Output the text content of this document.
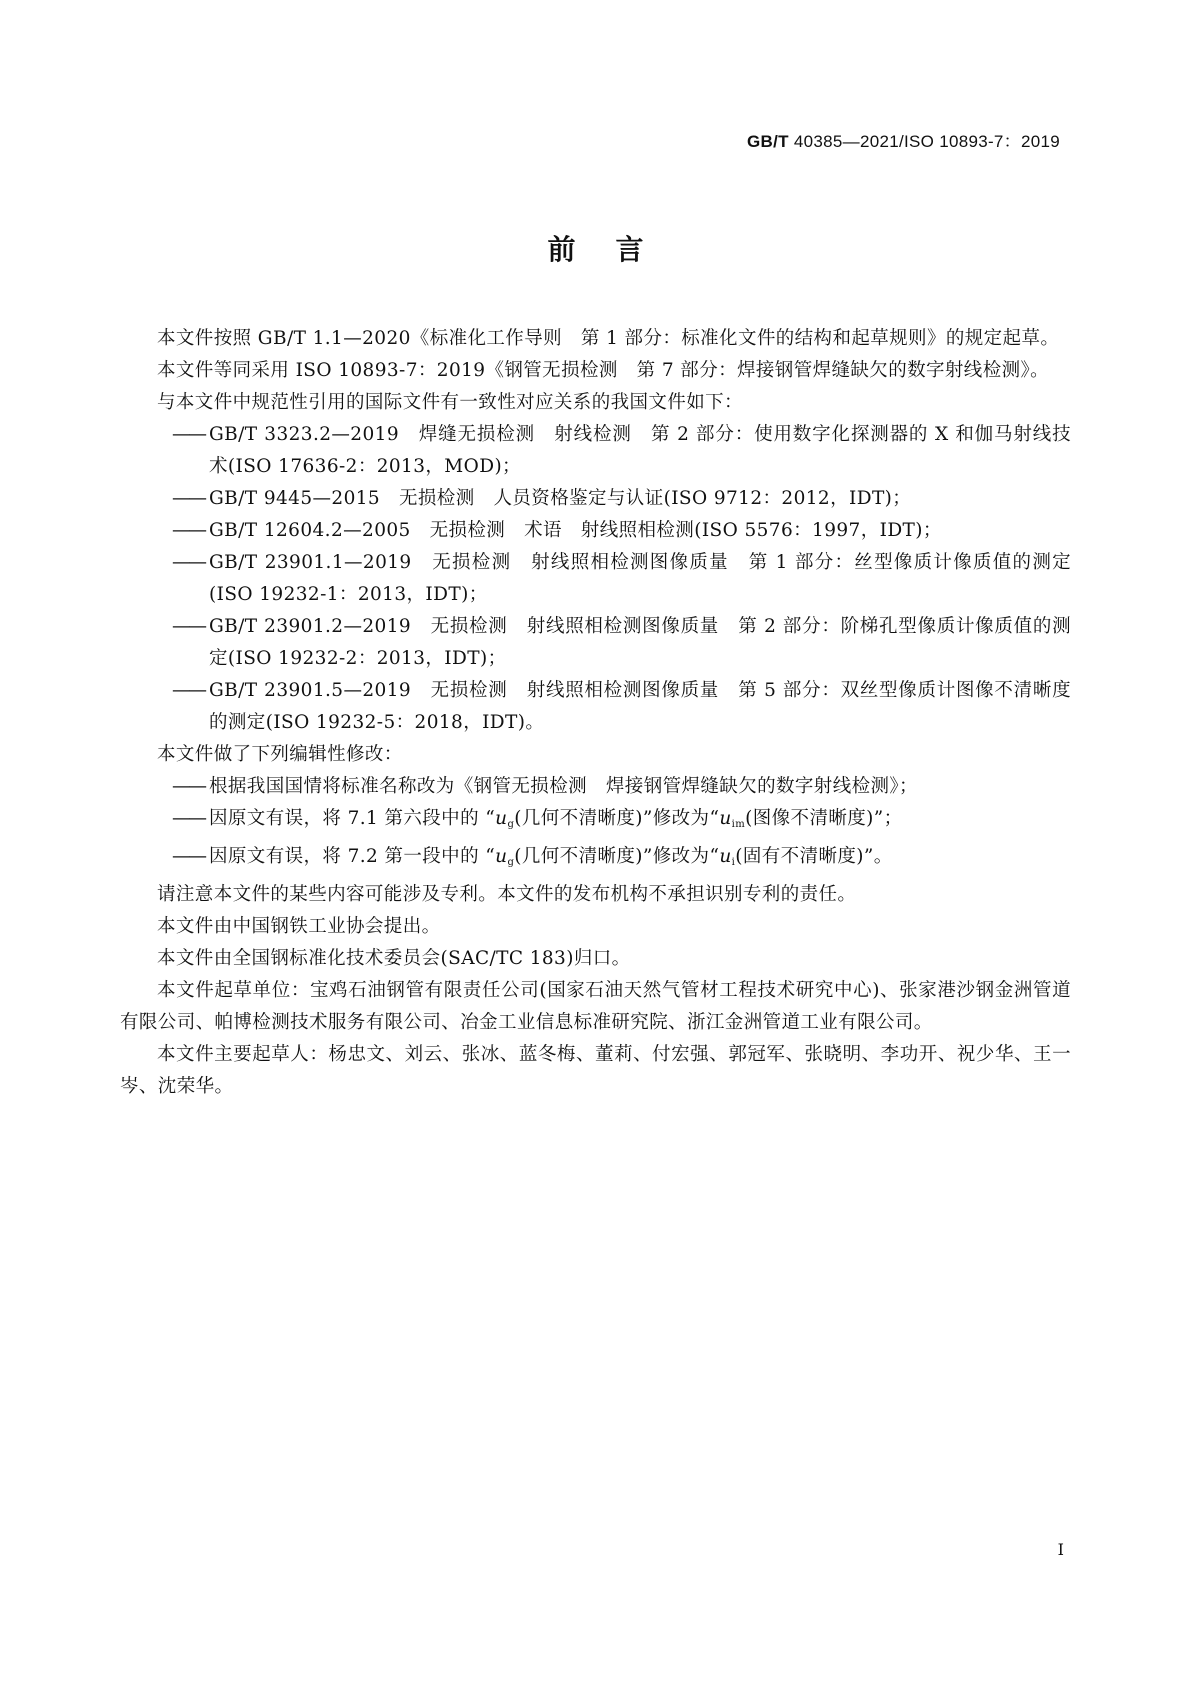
GB/T 40385—2021/ISO 10893-7：2019
前言

本文件按照 GB/T 1.1—2020《标准化工作导则　第 1 部分：标准化文件的结构和起草规则》的规定起草。

本文件等同采用 ISO 10893-7：2019《钢管无损检测　第 7 部分：焊接钢管焊缝缺欠的数字射线检测》。

与本文件中规范性引用的国际文件有一致性对应关系的我国文件如下：

—— GB/T 3323.2—2019　焊缝无损检测　射线检测　第 2 部分：使用数字化探测器的 X 和伽马射线技术(ISO 17636-2：2013，MOD)；

—— GB/T 9445—2015　无损检测　人员资格鉴定与认证(ISO 9712：2012，IDT)；

—— GB/T 12604.2—2005　无损检测　术语　射线照相检测(ISO 5576：1997，IDT)；

—— GB/T 23901.1—2019　无损检测　射线照相检测图像质量　第 1 部分：丝型像质计像质值的测定(ISO 19232-1：2013，IDT)；

—— GB/T 23901.2—2019　无损检测　射线照相检测图像质量　第 2 部分：阶梯孔型像质计像质值的测定(ISO 19232-2：2013，IDT)；

—— GB/T 23901.5—2019　无损检测　射线照相检测图像质量　第 5 部分：双丝型像质计图像不清晰度的测定(ISO 19232-5：2018，IDT)。

本文件做了下列编辑性修改：

—— 根据我国国情将标准名称改为《钢管无损检测　焊接钢管焊缝缺欠的数字射线检测》；

—— 因原文有误，将 7.1 第六段中的 “$u_g$(几何不清晰度)”修改为“$u_{im}$(图像不清晰度)”；

—— 因原文有误，将 7.2 第一段中的 “$u_g$(几何不清晰度)”修改为“$u_i$(固有不清晰度)”。

请注意本文件的某些内容可能涉及专利。本文件的发布机构不承担识别专利的责任。

本文件由中国钢铁工业协会提出。

本文件由全国钢标准化技术委员会(SAC/TC 183)归口。

本文件起草单位：宝鸡石油钢管有限责任公司(国家石油天然气管材工程技术研究中心)、张家港沙钢金洲管道有限公司、帕博检测技术服务有限公司、冶金工业信息标准研究院、浙江金洲管道工业有限公司。

本文件主要起草人：杨忠文、刘云、张冰、蓝冬梅、董莉、付宏强、郭冠军、张晓明、李功开、祝少华、王一岑、沈荣华。

I
